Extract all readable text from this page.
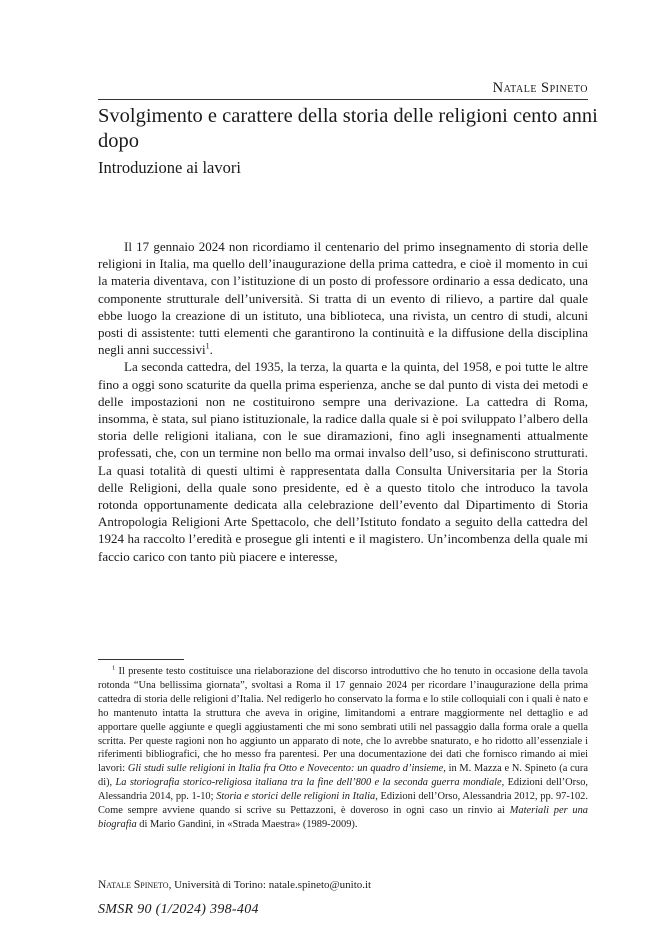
Natale Spineto
Svolgimento e carattere della storia delle religioni cento anni dopo
Introduzione ai lavori

Il 17 gennaio 2024 non ricordiamo il centenario del primo insegnamento di storia delle religioni in Italia, ma quello dell’inaugurazione della prima cattedra, e cioè il momento in cui la materia diventava, con l’istituzione di un posto di professore ordinario a essa dedicato, una componente strutturale dell’università. Si tratta di un evento di rilievo, a partire dal quale ebbe luogo la creazione di un istituto, una biblioteca, una rivista, un centro di studi, alcuni posti di assistente: tutti elementi che garantirono la continuità e la diffusione della disciplina negli anni successivi$^1$.

La seconda cattedra, del 1935, la terza, la quarta e la quinta, del 1958, e poi tutte le altre fino a oggi sono scaturite da quella prima esperienza, anche se dal punto di vista dei metodi e delle impostazioni non ne costituirono sempre una derivazione. La cattedra di Roma, insomma, è stata, sul piano istituzionale, la radice dalla quale si è poi sviluppato l’albero della storia delle religioni italiana, con le sue diramazioni, fino agli insegnamenti attualmente professati, che, con un termine non bello ma ormai invalso dell’uso, si definiscono strutturati. La quasi totalità di questi ultimi è rappresentata dalla Consulta Universitaria per la Storia delle Religioni, della quale sono presidente, ed è a questo titolo che introduco la tavola rotonda opportunamente dedicata alla celebrazione dell’evento dal Dipartimento di Storia Antropologia Religioni Arte Spettacolo, che dell’Istituto fondato a seguito della cattedra del 1924 ha raccolto l’eredità e prosegue gli intenti e il magistero. Un’incombenza della quale mi faccio carico con tanto più piacere e interesse,

$^1$ Il presente testo costituisce una rielaborazione del discorso introduttivo che ho tenuto in occasione della tavola rotonda “Una bellissima giornata”, svoltasi a Roma il 17 gennaio 2024 per ricordare l’inaugurazione della prima cattedra di storia delle religioni d’Italia. Nel redigerlo ho conservato la forma e lo stile colloquiali con i quali è nato e ho mantenuto intatta la struttura che aveva in origine, limitandomi a entrare maggiormente nel dettaglio e ad apportare quelle aggiunte e quegli aggiustamenti che mi sono sembrati utili nel passaggio dalla forma orale a quella scritta. Per queste ragioni non ho aggiunto un apparato di note, che lo avrebbe snaturato, e ho ridotto all’essenziale i riferimenti bibliografici, che ho messo fra parentesi. Per una documentazione dei dati che fornisco rimando ai miei lavori: Gli studi sulle religioni in Italia fra Otto e Novecento: un quadro d’insieme, in M. Mazza e N. Spineto (a cura di), La storiografia storico-religiosa italiana tra la fine dell’800 e la seconda guerra mondiale, Edizioni dell’Orso, Alessandria 2014, pp. 1-10; Storia e storici delle religioni in Italia, Edizioni dell’Orso, Alessandria 2012, pp. 97-102. Come sempre avviene quando si scrive su Pettazzoni, è doveroso in ogni caso un rinvio ai Materiali per una biografia di Mario Gandini, in «Strada Maestra» (1989-2009).

Natale Spineto, Università di Torino: natale.spineto@unito.it
SMSR 90 (1/2024) 398-404
